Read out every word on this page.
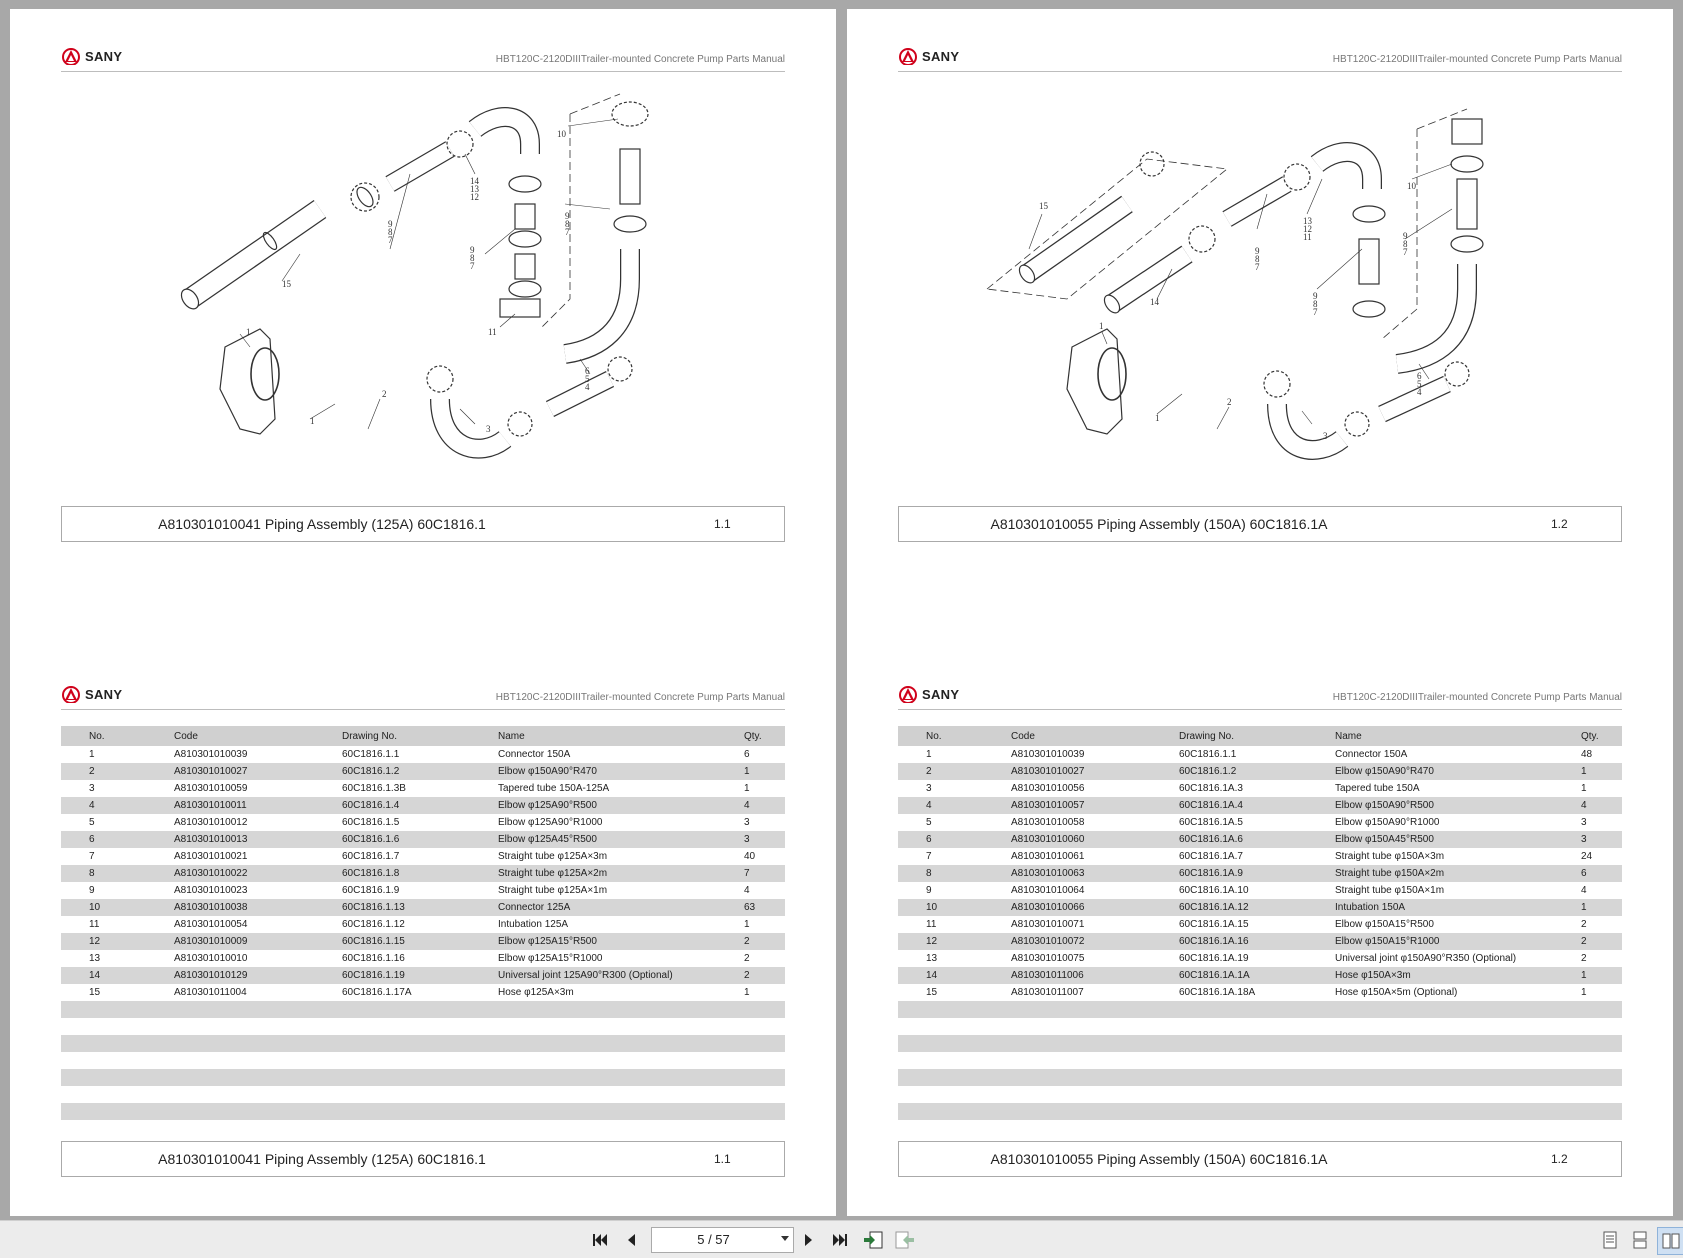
SANY	HBT120C-2120DIIITrailer-mounted Concrete Pump Parts Manual
1
1
2
3
6 5 4
9 8 7
9 8 7
9 8 7
14 13 12
10
11
15
A810301010041 Piping Assembly (125A) 60C1816.1	1.1
SANY	HBT120C-2120DIIITrailer-mounted Concrete Pump Parts Manual
No.	Code	Drawing No.	Name	Qty.
1	A810301010039	60C1816.1.1	Connector 150A	6
2	A810301010027	60C1816.1.2	Elbow φ150A90°R470	1
3	A810301010059	60C1816.1.3B	Tapered tube 150A-125A	1
4	A810301010011	60C1816.1.4	Elbow φ125A90°R500	4
5	A810301010012	60C1816.1.5	Elbow φ125A90°R1000	3
6	A810301010013	60C1816.1.6	Elbow φ125A45°R500	3
7	A810301010021	60C1816.1.7	Straight tube φ125A×3m	40
8	A810301010022	60C1816.1.8	Straight tube φ125A×2m	7
9	A810301010023	60C1816.1.9	Straight tube φ125A×1m	4
10	A810301010038	60C1816.1.13	Connector 125A	63
11	A810301010054	60C1816.1.12	Intubation 125A	1
12	A810301010009	60C1816.1.15	Elbow φ125A15°R500	2
13	A810301010010	60C1816.1.16	Elbow φ125A15°R1000	2
14	A810301010129	60C1816.1.19	Universal joint 125A90°R300 (Optional)	2
15	A810301011004	60C1816.1.17A	Hose φ125A×3m	1

A810301010041 Piping Assembly (125A) 60C1816.1	1.1
SANY	HBT120C-2120DIIITrailer-mounted Concrete Pump Parts Manual
1
1
2
3
6 5 4
9 8 7
9 8 7
9 8 7
13 12 11
10
14
15
A810301010055 Piping Assembly (150A) 60C1816.1A	1.2
SANY	HBT120C-2120DIIITrailer-mounted Concrete Pump Parts Manual
No.	Code	Drawing No.	Name	Qty.
1	A810301010039	60C1816.1.1	Connector 150A	48
2	A810301010027	60C1816.1.2	Elbow φ150A90°R470	1
3	A810301010056	60C1816.1A.3	Tapered tube 150A	1
4	A810301010057	60C1816.1A.4	Elbow φ150A90°R500	4
5	A810301010058	60C1816.1A.5	Elbow φ150A90°R1000	3
6	A810301010060	60C1816.1A.6	Elbow φ150A45°R500	3
7	A810301010061	60C1816.1A.7	Straight tube φ150A×3m	24
8	A810301010063	60C1816.1A.9	Straight tube φ150A×2m	6
9	A810301010064	60C1816.1A.10	Straight tube φ150A×1m	4
10	A810301010066	60C1816.1A.12	Intubation 150A	1
11	A810301010071	60C1816.1A.15	Elbow φ150A15°R500	2
12	A810301010072	60C1816.1A.16	Elbow φ150A15°R1000	2
13	A810301010075	60C1816.1A.19	Universal joint φ150A90°R350 (Optional)	2
14	A810301011006	60C1816.1A.1A	Hose φ150A×3m	1
15	A810301011007	60C1816.1A.18A	Hose φ150A×5m (Optional)	1

A810301010055 Piping Assembly (150A) 60C1816.1A	1.2
5 / 57
